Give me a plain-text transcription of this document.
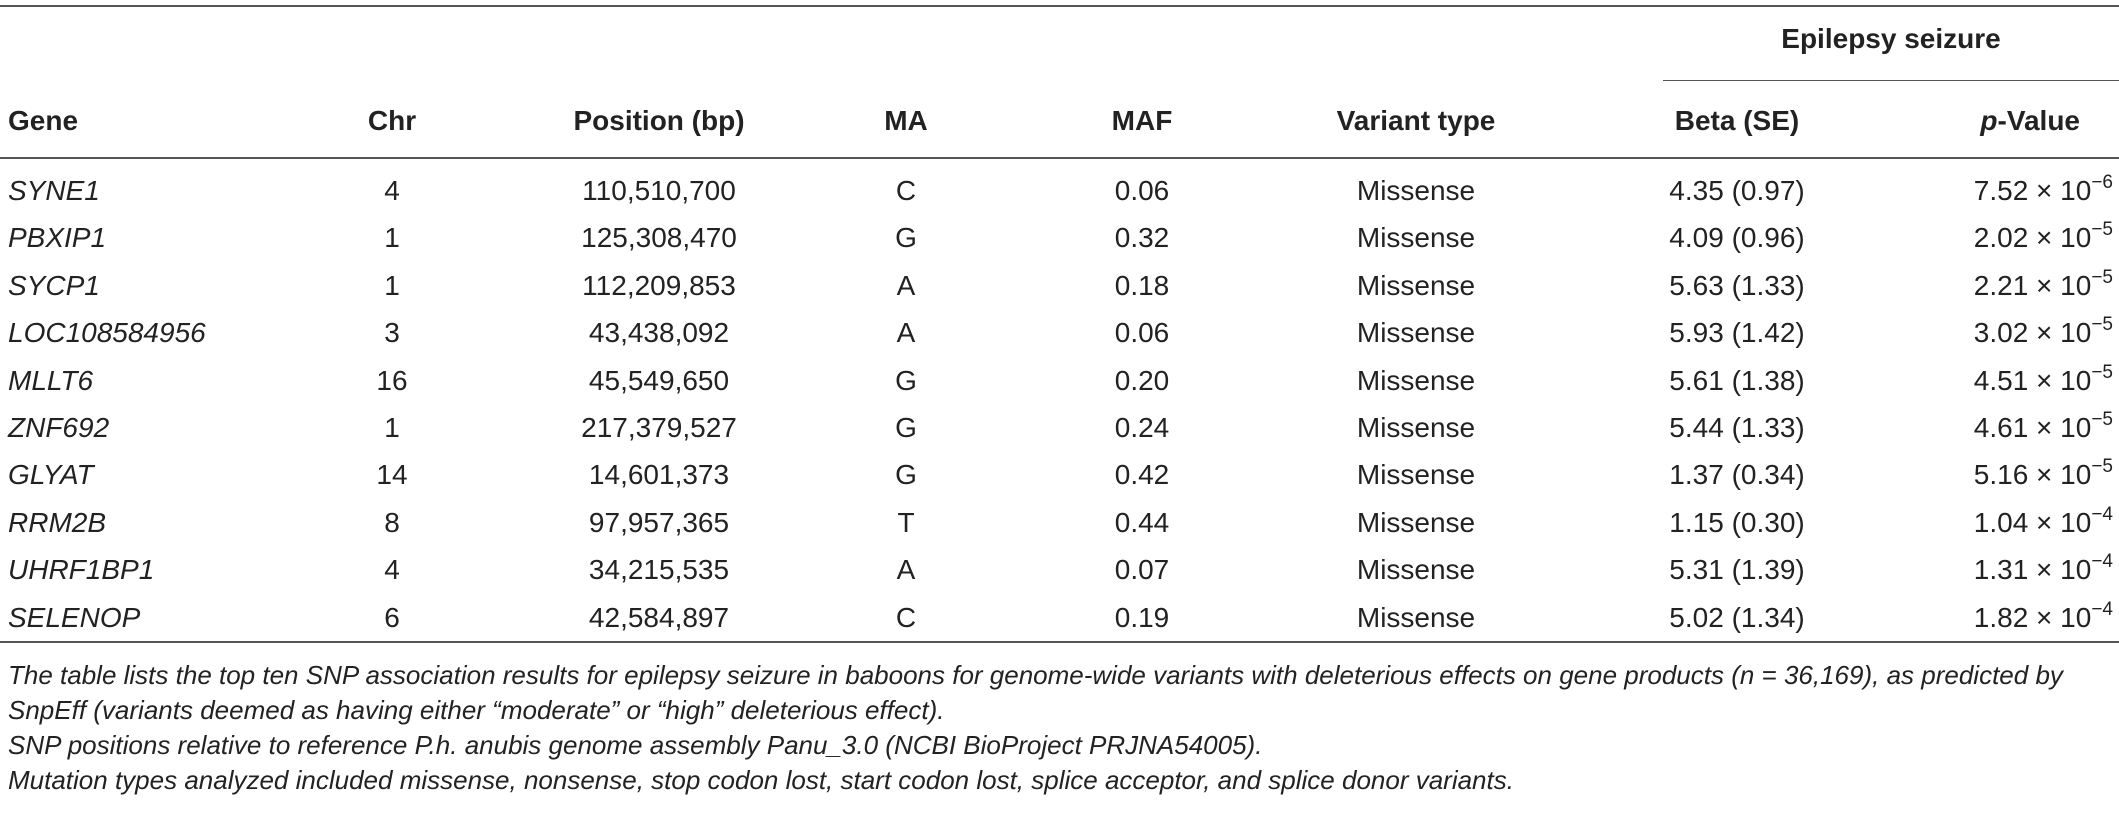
Epilepsy seizure
Gene	Chr	Position (bp)	MA	MAF	Variant type	Beta (SE)	p-Value
SYNE1	4	110,510,700	C	0.06	Missense	4.35 (0.97)	$7.52 \times 10^{-6}$
PBXIP1	1	125,308,470	G	0.32	Missense	4.09 (0.96)	$2.02 \times 10^{-5}$
SYCP1	1	112,209,853	A	0.18	Missense	5.63 (1.33)	$2.21 \times 10^{-5}$
LOC108584956	3	43,438,092	A	0.06	Missense	5.93 (1.42)	$3.02 \times 10^{-5}$
MLLT6	16	45,549,650	G	0.20	Missense	5.61 (1.38)	$4.51 \times 10^{-5}$
ZNF692	1	217,379,527	G	0.24	Missense	5.44 (1.33)	$4.61 \times 10^{-5}$
GLYAT	14	14,601,373	G	0.42	Missense	1.37 (0.34)	$5.16 \times 10^{-5}$
RRM2B	8	97,957,365	T	0.44	Missense	1.15 (0.30)	$1.04 \times 10^{-4}$
UHRF1BP1	4	34,215,535	A	0.07	Missense	5.31 (1.39)	$1.31 \times 10^{-4}$
SELENOP	6	42,584,897	C	0.19	Missense	5.02 (1.34)	$1.82 \times 10^{-4}$

The table lists the top ten SNP association results for epilepsy seizure in baboons for genome-wide variants with deleterious effects on gene products (n = 36,169), as predicted by SnpEff (variants deemed as having either “moderate” or “high” deleterious effect).

SNP positions relative to reference P.h. anubis genome assembly Panu_3.0 (NCBI BioProject PRJNA54005).

Mutation types analyzed included missense, nonsense, stop codon lost, start codon lost, splice acceptor, and splice donor variants.
